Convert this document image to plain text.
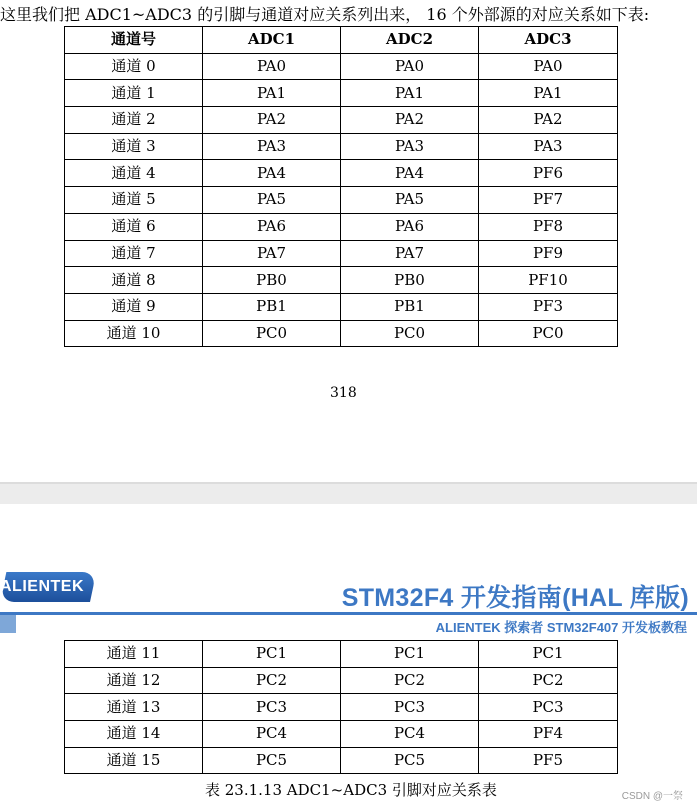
这里我们把 ADC1~ADC3 的引脚与通道对应关系列出来， 16 个外部源的对应关系如下表:
通道号	ADC1	ADC2	ADC3
通道 0	PA0	PA0	PA0
通道 1	PA1	PA1	PA1
通道 2	PA2	PA2	PA2
通道 3	PA3	PA3	PA3
通道 4	PA4	PA4	PF6
通道 5	PA5	PA5	PF7
通道 6	PA6	PA6	PF8
通道 7	PA7	PA7	PF9
通道 8	PB0	PB0	PF10
通道 9	PB1	PB1	PF3
通道 10	PC0	PC0	PC0
318
ALIENTEK	STM32F4 开发指南(HAL 库版)
ALIENTEK 探索者 STM32F407 开发板教程
通道 11	PC1	PC1	PC1
通道 12	PC2	PC2	PC2
通道 13	PC3	PC3	PC3
通道 14	PC4	PC4	PF4
通道 15	PC5	PC5	PF5
表 23.1.13 ADC1~ADC3 引脚对应关系表	CSDN @一祭
